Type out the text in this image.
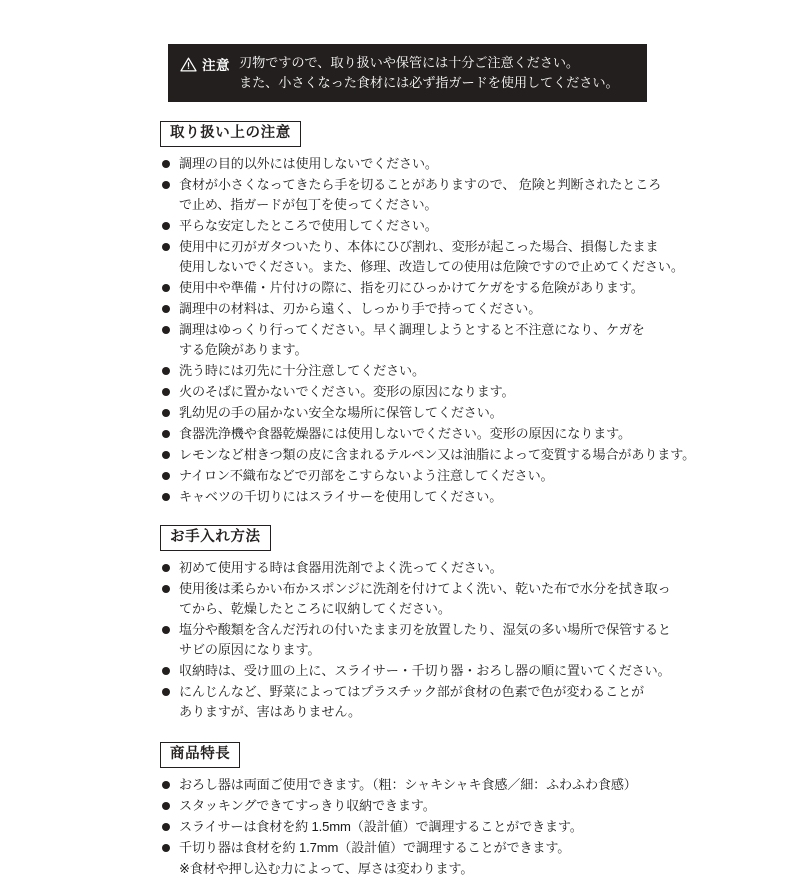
注意 刃物ですので、取り扱いや保管には十分ご注意ください。
また、小さくなった食材には必ず指ガードを使用してください。
取り扱い上の注意
調理の目的以外には使用しないでください。
食材が小さくなってきたら手を切ることがありますので、 危険と判断されたところ
で止め、指ガードが包丁を使ってください。
平らな安定したところで使用してください。
使用中に刃がガタついたり、本体にひび割れ、変形が起こった場合、損傷したまま
使用しないでください。また、修理、改造しての使用は危険ですので止めてください。
使用中や準備・片付けの際に、指を刃にひっかけてケガをする危険があります。
調理中の材料は、刃から遠く、しっかり手で持ってください。
調理はゆっくり行ってください。早く調理しようとすると不注意になり、ケガを
する危険があります。
洗う時には刃先に十分注意してください。
火のそばに置かないでください。変形の原因になります。
乳幼児の手の届かない安全な場所に保管してください。
食器洗浄機や食器乾燥器には使用しないでください。変形の原因になります。
レモンなど柑きつ類の皮に含まれるテルペン又は油脂によって変質する場合があります。
ナイロン不織布などで刃部をこすらないよう注意してください。
キャベツの千切りにはスライサーを使用してください。
お手入れ方法
初めて使用する時は食器用洗剤でよく洗ってください。
使用後は柔らかい布かスポンジに洗剤を付けてよく洗い、乾いた布で水分を拭き取っ
てから、乾燥したところに収納してください。
塩分や酸類を含んだ汚れの付いたまま刃を放置したり、湿気の多い場所で保管すると
サビの原因になります。
収納時は、受け皿の上に、スライサー・千切り器・おろし器の順に置いてください。
にんじんなど、野菜によってはプラスチック部が食材の色素で色が変わることが
ありますが、害はありません。
商品特長
おろし器は両面ご使用できます。（粗：シャキシャキ食感／細：ふわふわ食感）
スタッキングできてすっきり収納できます。
スライサーは食材を約 1.5mm（設計値）で調理することができます。
千切り器は食材を約 1.7mm（設計値）で調理することができます。
※食材や押し込む力によって、厚さは変わります。
